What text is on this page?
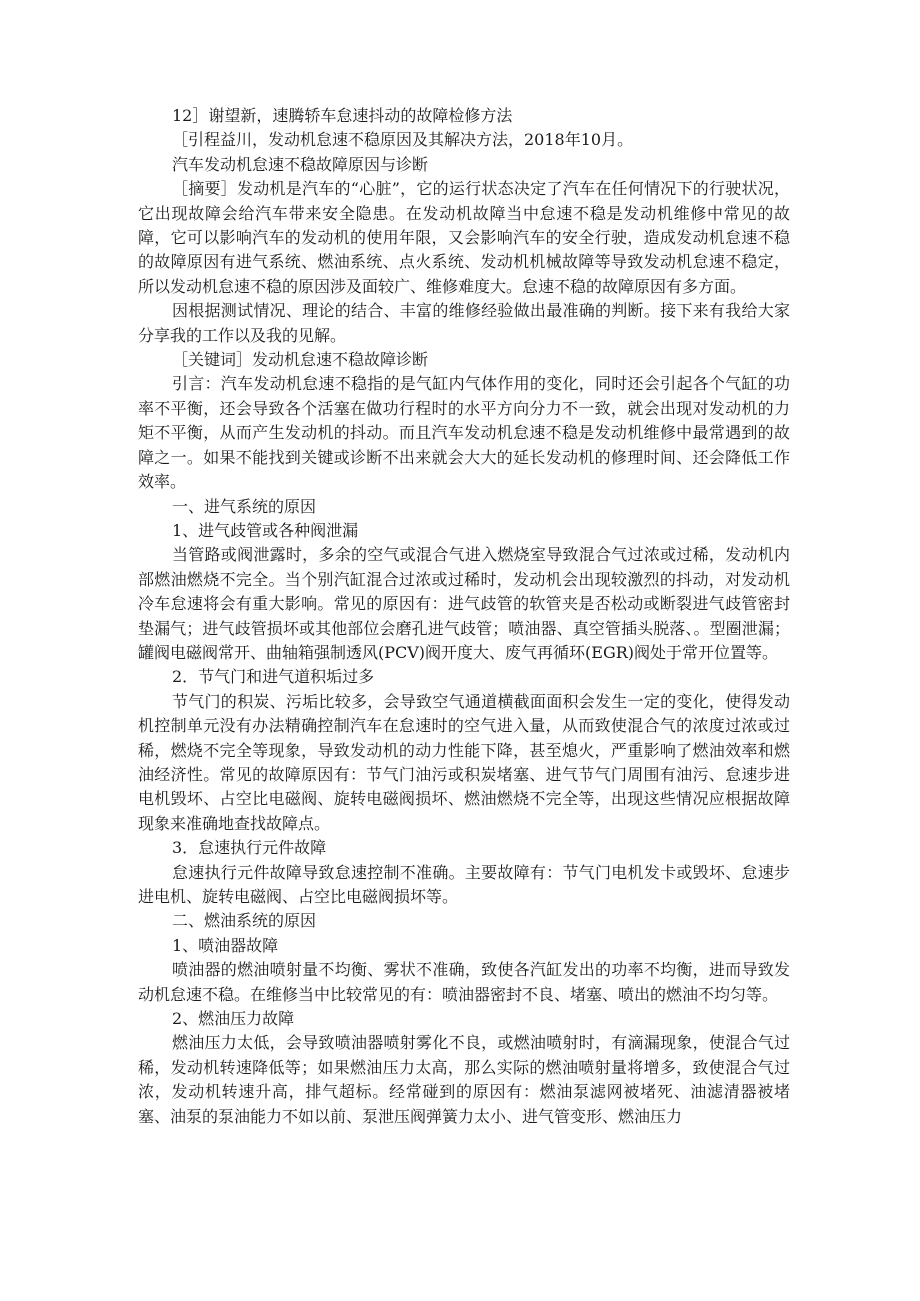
12］谢望新，速腾轿车怠速抖动的故障检修方法

［引程益川，发动机怠速不稳原因及其解决方法，2018年10月。

汽车发动机怠速不稳故障原因与诊断

［摘要］发动机是汽车的“心脏”，它的运行状态决定了汽车在任何情况下的行驶状况，它出现故障会给汽车带来安全隐患。在发动机故障当中怠速不稳是发动机维修中常见的故障，它可以影响汽车的发动机的使用年限，又会影响汽车的安全行驶，造成发动机怠速不稳的故障原因有进气系统、燃油系统、点火系统、发动机机械故障等导致发动机怠速不稳定，所以发动机怠速不稳的原因涉及面较广、维修难度大。怠速不稳的故障原因有多方面。

因根据测试情况、理论的结合、丰富的维修经验做出最准确的判断。接下来有我给大家分享我的工作以及我的见解。

［关键词］发动机怠速不稳故障诊断

引言：汽车发动机怠速不稳指的是气缸内气体作用的变化，同时还会引起各个气缸的功率不平衡，还会导致各个活塞在做功行程时的水平方向分力不一致，就会出现对发动机的力矩不平衡，从而产生发动机的抖动。而且汽车发动机怠速不稳是发动机维修中最常遇到的故障之一。如果不能找到关键或诊断不出来就会大大的延长发动机的修理时间、还会降低工作效率。

一、进气系统的原因

1、进气歧管或各种阀泄漏

当管路或阀泄露时，多余的空气或混合气进入燃烧室导致混合气过浓或过稀，发动机内部燃油燃烧不完全。当个别汽缸混合过浓或过稀时，发动机会出现较激烈的抖动，对发动机冷车怠速将会有重大影响。常见的原因有：进气歧管的软管夹是否松动或断裂进气歧管密封垫漏气；进气歧管损坏或其他部位会磨孔进气歧管；喷油器、真空管插头脱落、。型圈泄漏；罐阀电磁阀常开、曲轴箱强制透风(PCV)阀开度大、废气再循环(EGR)阀处于常开位置等。

2．节气门和进气道积垢过多

节气门的积炭、污垢比较多，会导致空气通道横截面面积会发生一定的变化，使得发动机控制单元没有办法精确控制汽车在怠速时的空气进入量，从而致使混合气的浓度过浓或过稀，燃烧不完全等现象，导致发动机的动力性能下降，甚至熄火，严重影响了燃油效率和燃油经济性。常见的故障原因有：节气门油污或积炭堵塞、进气节气门周围有油污、怠速步进电机毁坏、占空比电磁阀、旋转电磁阀损坏、燃油燃烧不完全等，出现这些情况应根据故障现象来准确地查找故障点。

3．怠速执行元件故障

怠速执行元件故障导致怠速控制不准确。主要故障有：节气门电机发卡或毁坏、怠速步进电机、旋转电磁阀、占空比电磁阀损坏等。

二、燃油系统的原因

1、喷油器故障

喷油器的燃油喷射量不均衡、雾状不准确，致使各汽缸发出的功率不均衡，进而导致发动机怠速不稳。在维修当中比较常见的有：喷油器密封不良、堵塞、喷出的燃油不均匀等。

2、燃油压力故障

燃油压力太低，会导致喷油器喷射雾化不良，或燃油喷射时，有滴漏现象，使混合气过稀，发动机转速降低等；如果燃油压力太高，那么实际的燃油喷射量将增多，致使混合气过浓，发动机转速升高，排气超标。经常碰到的原因有：燃油泵滤网被堵死、油滤清器被堵塞、油泵的泵油能力不如以前、泵泄压阀弹簧力太小、进气管变形、燃油压力
